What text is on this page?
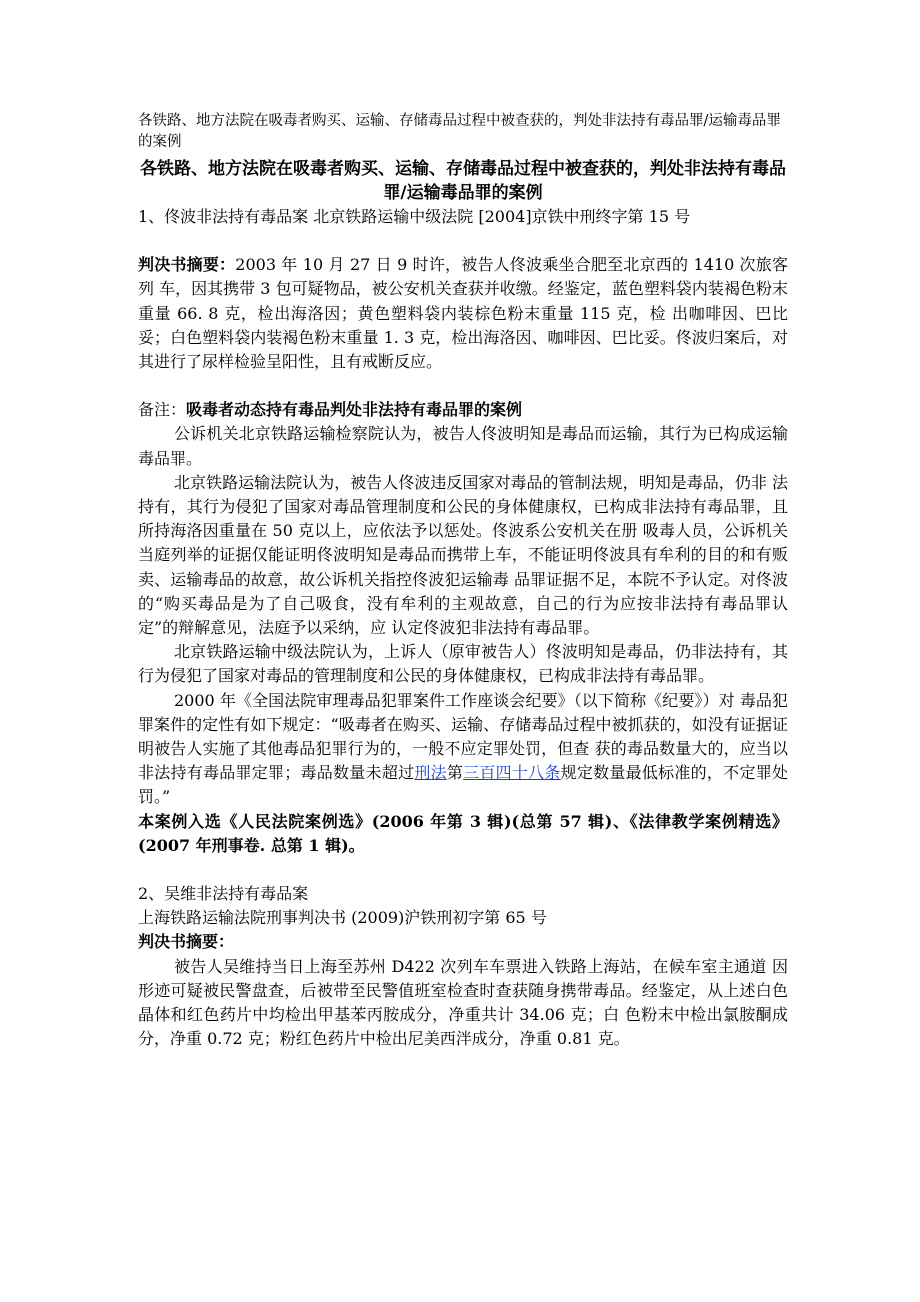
各铁路、地方法院在吸毒者购买、运输、存储毒品过程中被查获的，判处非法持有毒品罪/运输毒品罪的案例

各铁路、地方法院在吸毒者购买、运输、存储毒品过程中被查获的，判处非法持有毒品罪/运输毒品罪的案例

1、佟波非法持有毒品案 北京铁路运输中级法院 [2004]京铁中刑终字第 15 号

判决书摘要：2003 年 10 月 27 日 9 时许，被告人佟波乘坐合肥至北京西的 1410 次旅客列 车，因其携带 3 包可疑物品，被公安机关查获并收缴。经鉴定，蓝色塑料袋内装褐色粉末重量 66. 8 克，检出海洛因；黄色塑料袋内装棕色粉末重量 115 克，检 出咖啡因、巴比妥；白色塑料袋内装褐色粉末重量 1. 3 克，检出海洛因、咖啡因、巴比妥。佟波归案后，对其进行了尿样检验呈阳性，且有戒断反应。

备注：吸毒者动态持有毒品判处非法持有毒品罪的案例

公诉机关北京铁路运输检察院认为，被告人佟波明知是毒品而运输，其行为已构成运输毒品罪。

北京铁路运输法院认为，被告人佟波违反国家对毒品的管制法规，明知是毒品，仍非 法持有，其行为侵犯了国家对毒品管理制度和公民的身体健康权，已构成非法持有毒品罪，且所持海洛因重量在 50 克以上，应依法予以惩处。佟波系公安机关在册 吸毒人员，公诉机关当庭列举的证据仅能证明佟波明知是毒品而携带上车，不能证明佟波具有牟利的目的和有贩卖、运输毒品的故意，故公诉机关指控佟波犯运输毒 品罪证据不足，本院不予认定。对佟波的“购买毒品是为了自己吸食，没有牟利的主观故意，自己的行为应按非法持有毒品罪认定”的辩解意见，法庭予以采纳，应 认定佟波犯非法持有毒品罪。

北京铁路运输中级法院认为，上诉人（原审被告人）佟波明知是毒品，仍非法持有，其行为侵犯了国家对毒品的管理制度和公民的身体健康权，已构成非法持有毒品罪。

2000 年《全国法院审理毒品犯罪案件工作座谈会纪要》（以下简称《纪要》）对 毒品犯罪案件的定性有如下规定：“吸毒者在购买、运输、存储毒品过程中被抓获的，如没有证据证明被告人实施了其他毒品犯罪行为的，一般不应定罪处罚，但查 获的毒品数量大的，应当以非法持有毒品罪定罪；毒品数量未超过刑法第三百四十八条规定数量最低标准的，不定罪处罚。”

本案例入选《人民法院案例选》(2006 年第 3 辑)(总第 57 辑)、《法律教学案例精选》 (2007 年刑事卷. 总第 1 辑)。

2、吴维非法持有毒品案

上海铁路运输法院刑事判决书 (2009)沪铁刑初字第 65 号

判决书摘要：

被告人吴维持当日上海至苏州 D422 次列车车票进入铁路上海站，在候车室主通道 因形迹可疑被民警盘查，后被带至民警值班室检查时查获随身携带毒品。经鉴定，从上述白色晶体和红色药片中均检出甲基苯丙胺成分，净重共计 34.06 克；白 色粉末中检出氯胺酮成分，净重 0.72 克；粉红色药片中检出尼美西泮成分，净重 0.81 克。
